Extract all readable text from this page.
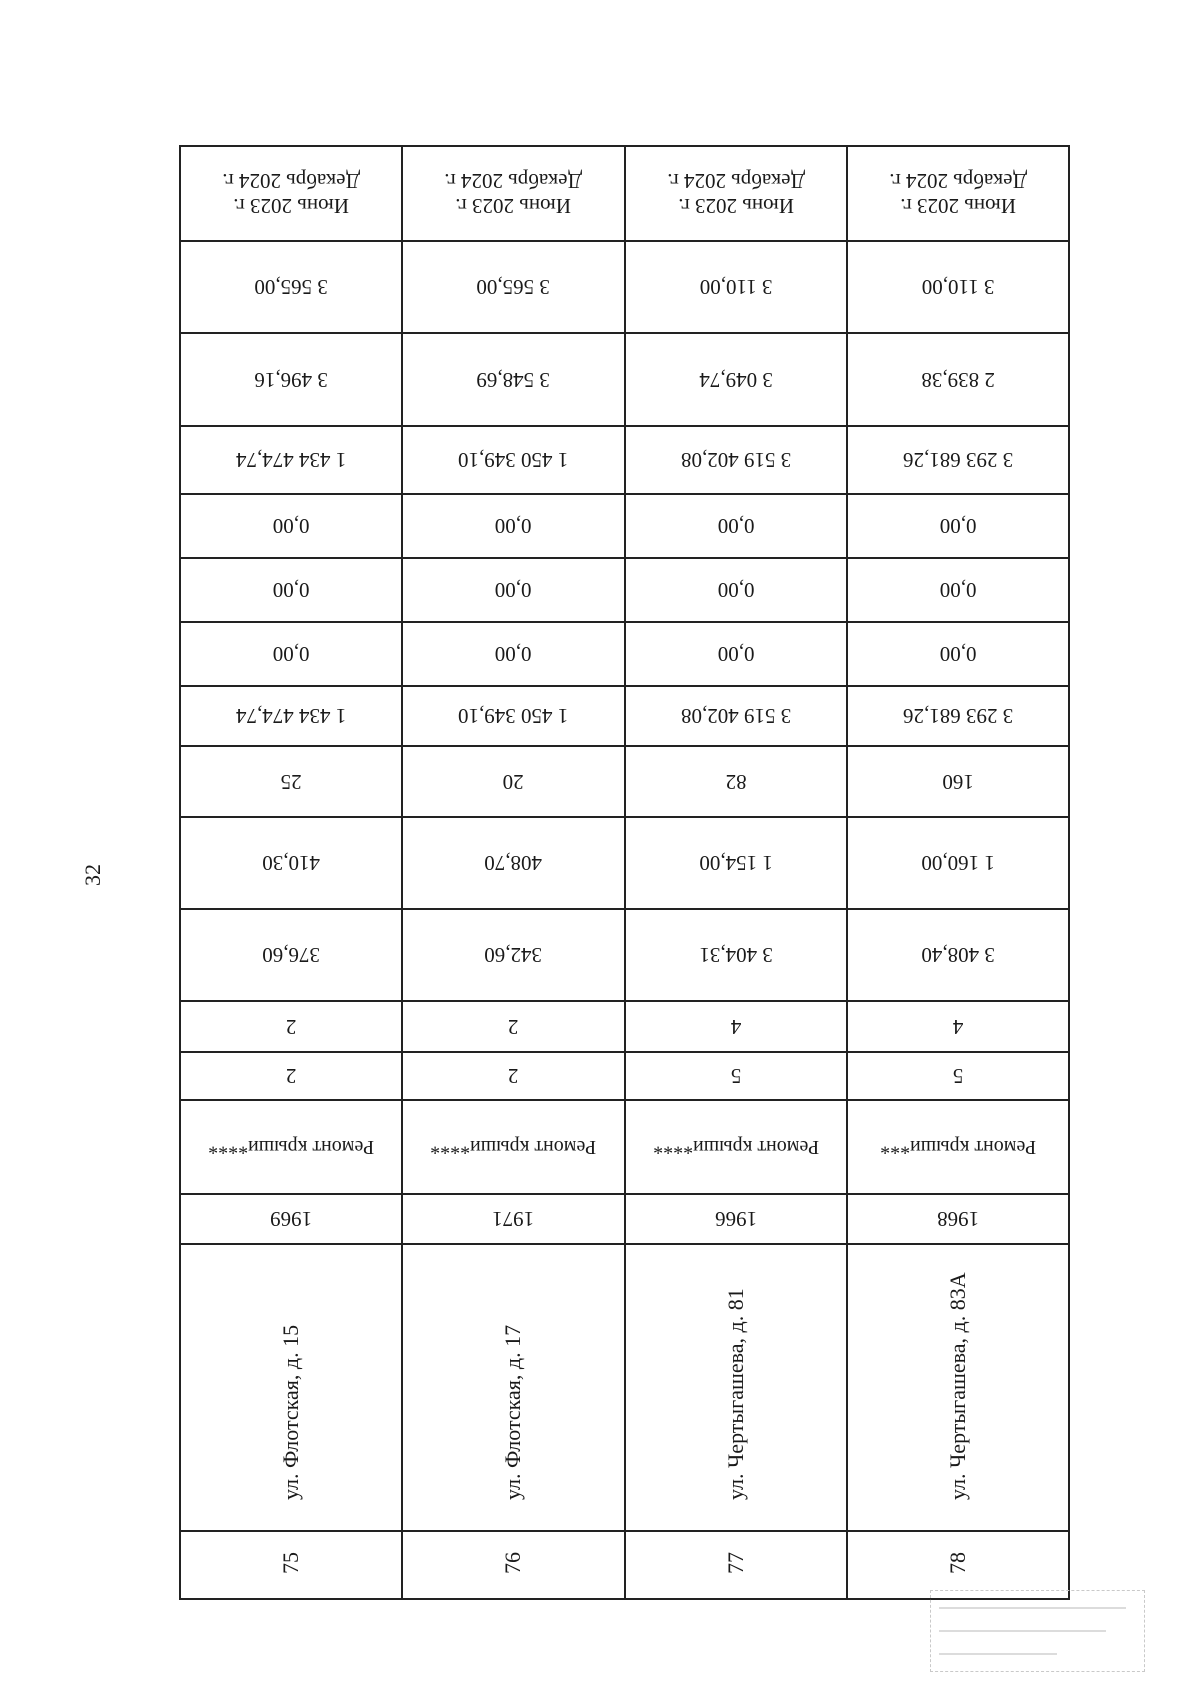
32
Июнь 2023 г.
Декабрь 2024 г.
3 565,00
3 496,16
1 434 474,74
0,00
0,00
0,00
1 434 474,74
25
410,30
376,60
2
2
Ремонт крыши****
1969
ул. Флотская, д. 15
75
Июнь 2023 г.
Декабрь 2024 г.
3 565,00
3 548,69
1 450 349,10
0,00
0,00
0,00
1 450 349,10
20
408,70
342,60
2
2
Ремонт крыши****
1971
ул. Флотская, д. 17
76
Июнь 2023 г.
Декабрь 2024 г.
3 110,00
3 049,74
3 519 402,08
0,00
0,00
0,00
3 519 402,08
82
1 154,00
3 404,31
4
5
Ремонт крыши****
1966
ул. Чертыгашева, д. 81
77
Июнь 2023 г.
Декабрь 2024 г.
3 110,00
2 839,38
3 293 681,26
0,00
0,00
0,00
3 293 681,26
160
1 160,00
3 408,40
4
5
Ремонт крыши***
1968
ул. Чертыгашева, д. 83А
78
